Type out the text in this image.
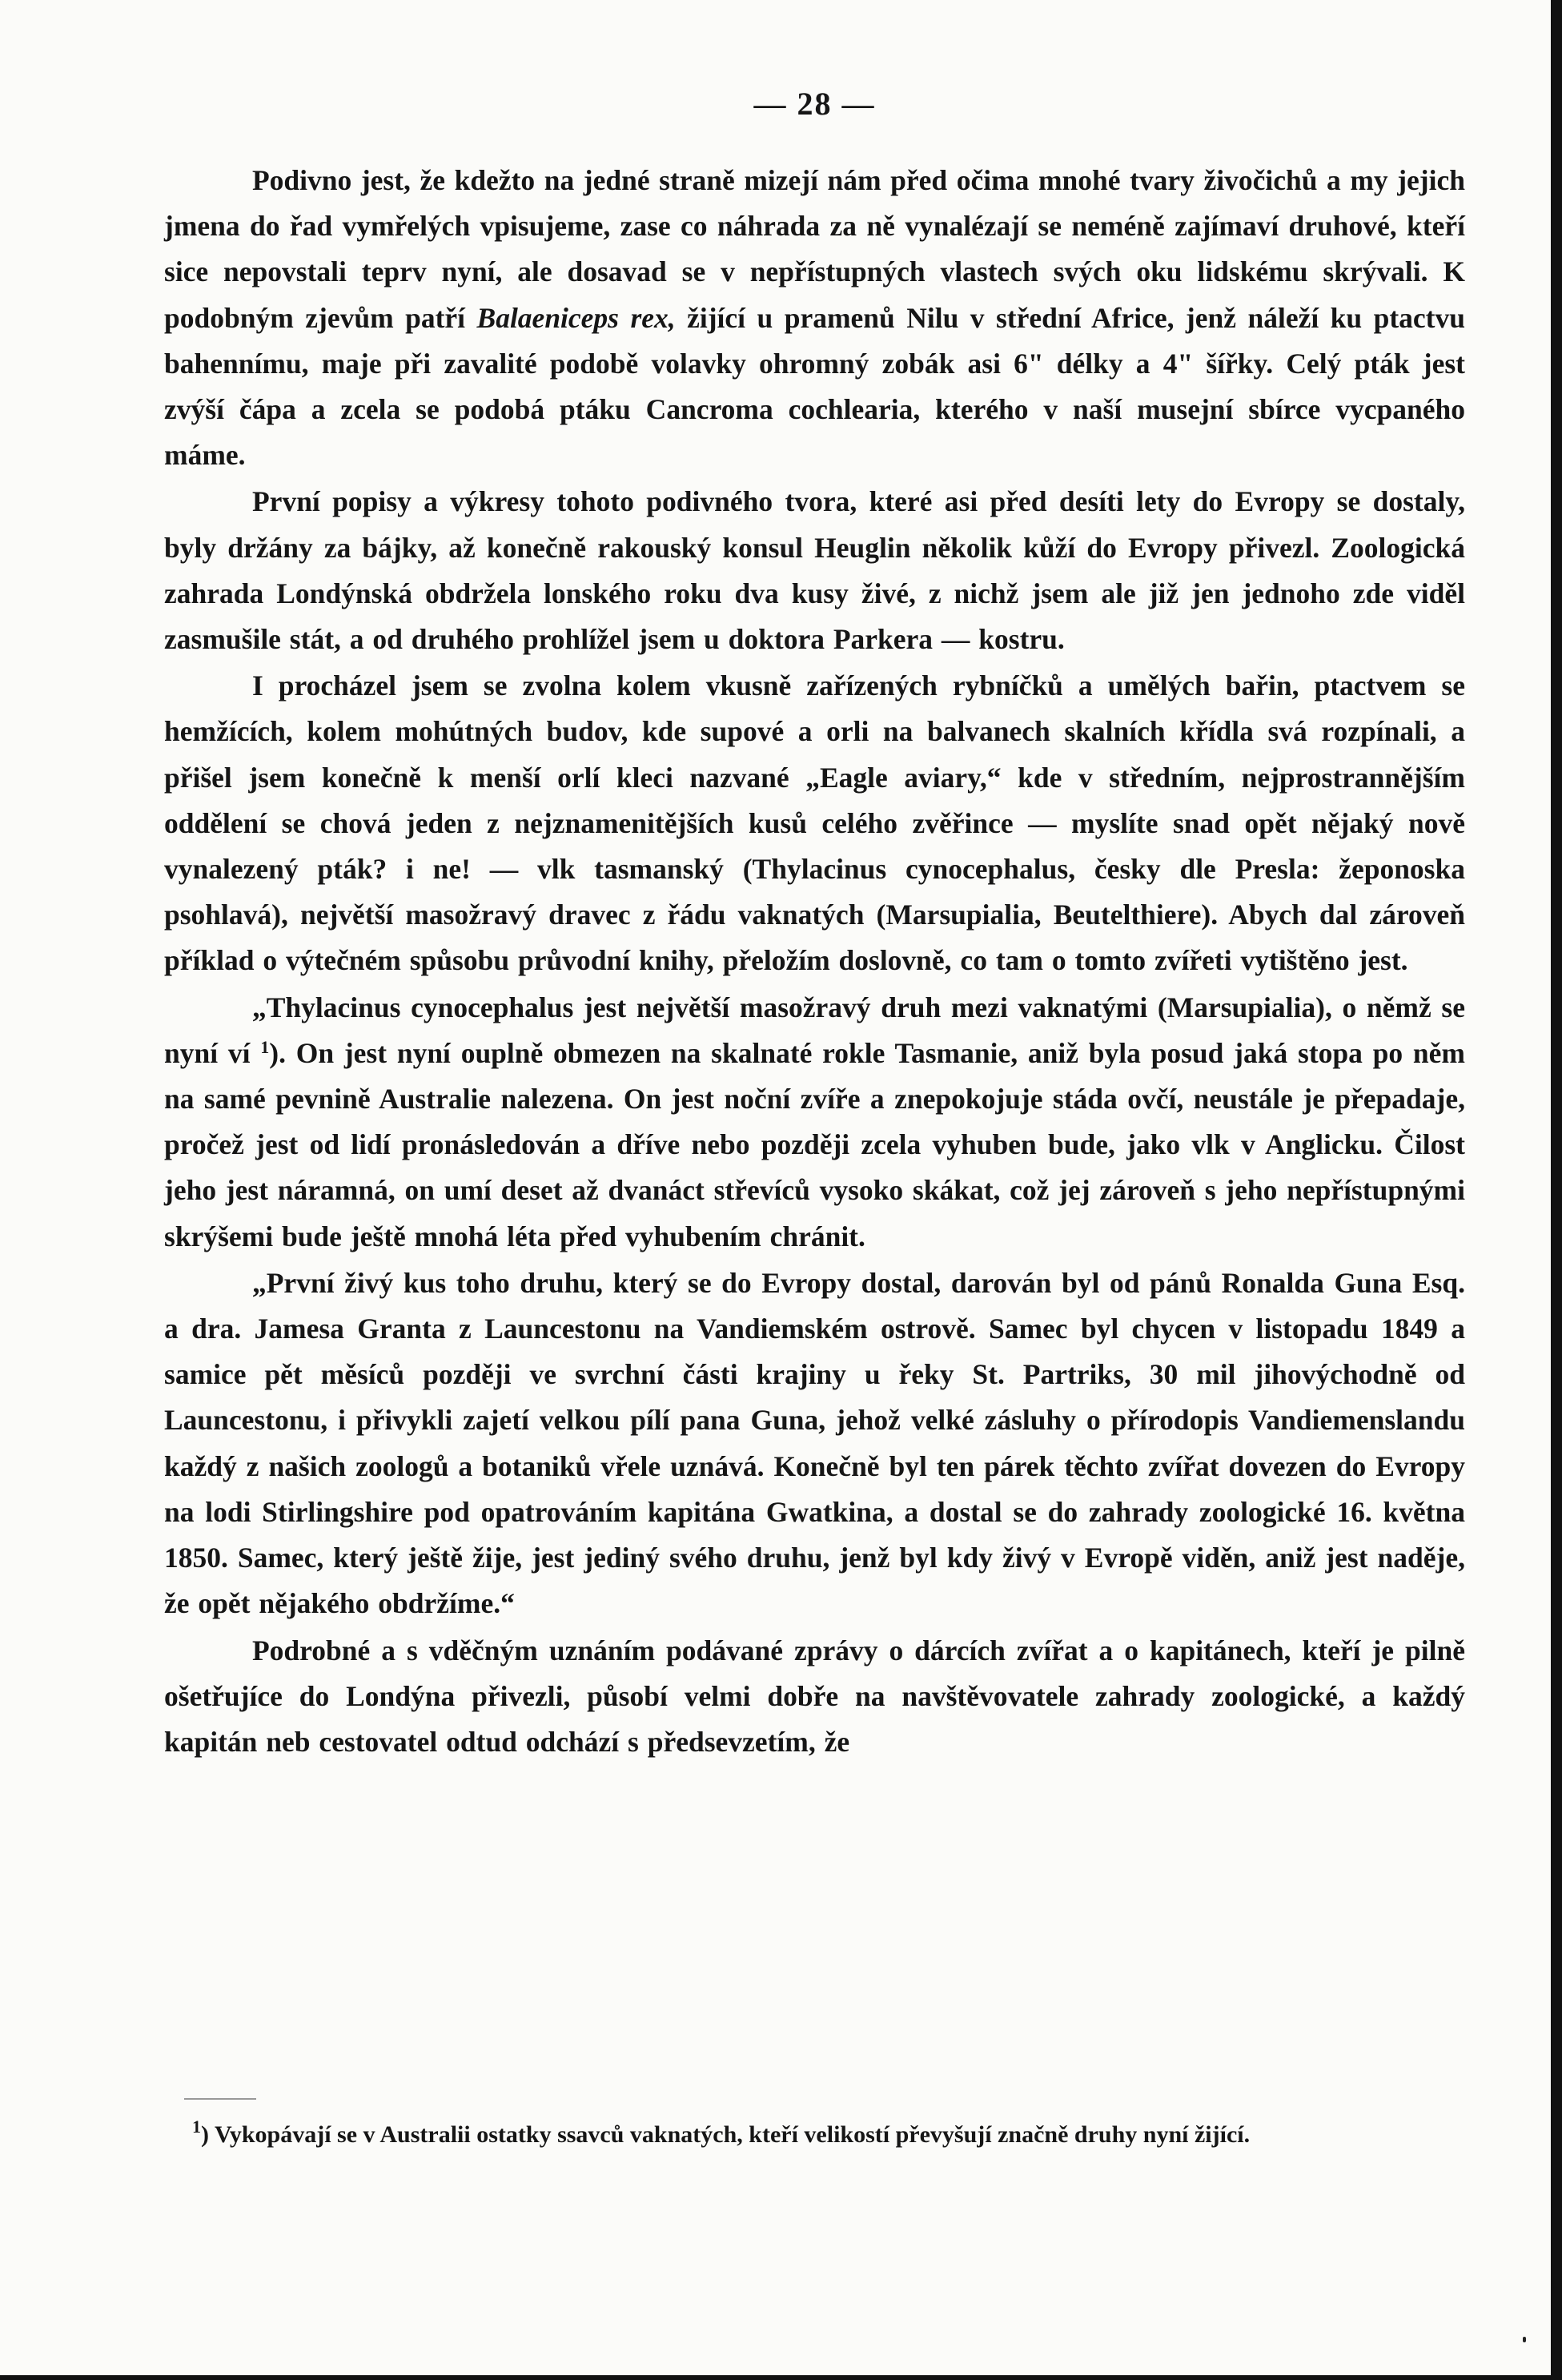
— 28 —

Podivno jest, že kdežto na jedné straně mizejí nám před očima mnohé tvary živočichů a my jejich jmena do řad vymřelých vpisujeme, zase co náhrada za ně vynalézají se neméně zajímaví druhové, kteří sice nepovstali teprv nyní, ale dosavad se v nepřístupných vlastech svých oku lidskému skrývali. K podobným zjevům patří Balaeniceps rex, žijící u pramenů Nilu v střední Africe, jenž náleží ku ptactvu bahennímu, maje při zavalité podobě volavky ohromný zobák asi 6" délky a 4" šířky. Celý pták jest zvýší čápa a zcela se podobá ptáku Cancroma cochlearia, kterého v naší musejní sbírce vycpaného máme.

První popisy a výkresy tohoto podivného tvora, které asi před desíti lety do Evropy se dostaly, byly držány za bájky, až konečně rakouský konsul Heuglin několik kůží do Evropy přivezl. Zoologická zahrada Londýnská obdržela lonského roku dva kusy živé, z nichž jsem ale již jen jednoho zde viděl zasmušile stát, a od druhého prohlížel jsem u doktora Parkera — kostru.

I procházel jsem se zvolna kolem vkusně zařízených rybníčků a umělých bařin, ptactvem se hemžících, kolem mohútných budov, kde supové a orli na balvanech skalních křídla svá rozpínali, a přišel jsem konečně k menší orlí kleci nazvané „Eagle aviary,“ kde v středním, nejprostrannějším oddělení se chová jeden z nejznamenitějších kusů celého zvěřince — myslíte snad opět nějaký nově vynalezený pták? i ne! — vlk tasmanský (Thylacinus cynocephalus, česky dle Presla: žeponoska psohlavá), největší masožravý dravec z řádu vaknatých (Marsupialia, Beutelthiere). Abych dal zároveň příklad o výtečném spůsobu průvodní knihy, přeložím doslovně, co tam o tomto zvířeti vytištěno jest.

„Thylacinus cynocephalus jest největší masožravý druh mezi vaknatými (Marsupialia), o němž se nyní ví $^1$). On jest nyní ouplně obmezen na skalnaté rokle Tasmanie, aniž byla posud jaká stopa po něm na samé pevnině Australie nalezena. On jest noční zvíře a znepokojuje stáda ovčí, neustále je přepadaje, pročež jest od lidí pronásledován a dříve nebo později zcela vyhuben bude, jako vlk v Anglicku. Čilost jeho jest náramná, on umí deset až dvanáct střevíců vysoko skákat, což jej zároveň s jeho nepřístupnými skrýšemi bude ještě mnohá léta před vyhubením chránit.

„První živý kus toho druhu, který se do Evropy dostal, darován byl od pánů Ronalda Guna Esq. a dra. Jamesa Granta z Launcestonu na Vandiemském ostrově. Samec byl chycen v listopadu 1849 a samice pět měsíců později ve svrchní části krajiny u řeky St. Partriks, 30 mil jihovýchodně od Launcestonu, i přivykli zajetí velkou pílí pana Guna, jehož velké zásluhy o přírodopis Vandiemenslandu každý z našich zoologů a botaniků vřele uznává. Konečně byl ten párek těchto zvířat dovezen do Evropy na lodi Stirlingshire pod opatrováním kapitána Gwatkina, a dostal se do zahrady zoologické 16. května 1850. Samec, který ještě žije, jest jediný svého druhu, jenž byl kdy živý v Evropě viděn, aniž jest naděje, že opět nějakého obdržíme.“

Podrobné a s vděčným uznáním podávané zprávy o dárcích zvířat a o kapitánech, kteří je pilně ošetřujíce do Londýna přivezli, působí velmi dobře na navštěvovatele zahrady zoologické, a každý kapitán neb cestovatel odtud odchází s předsevzetím, že

$^1$) Vykopávají se v Australii ostatky ssavců vaknatých, kteří velikostí převyšují značně druhy nyní žijící.
